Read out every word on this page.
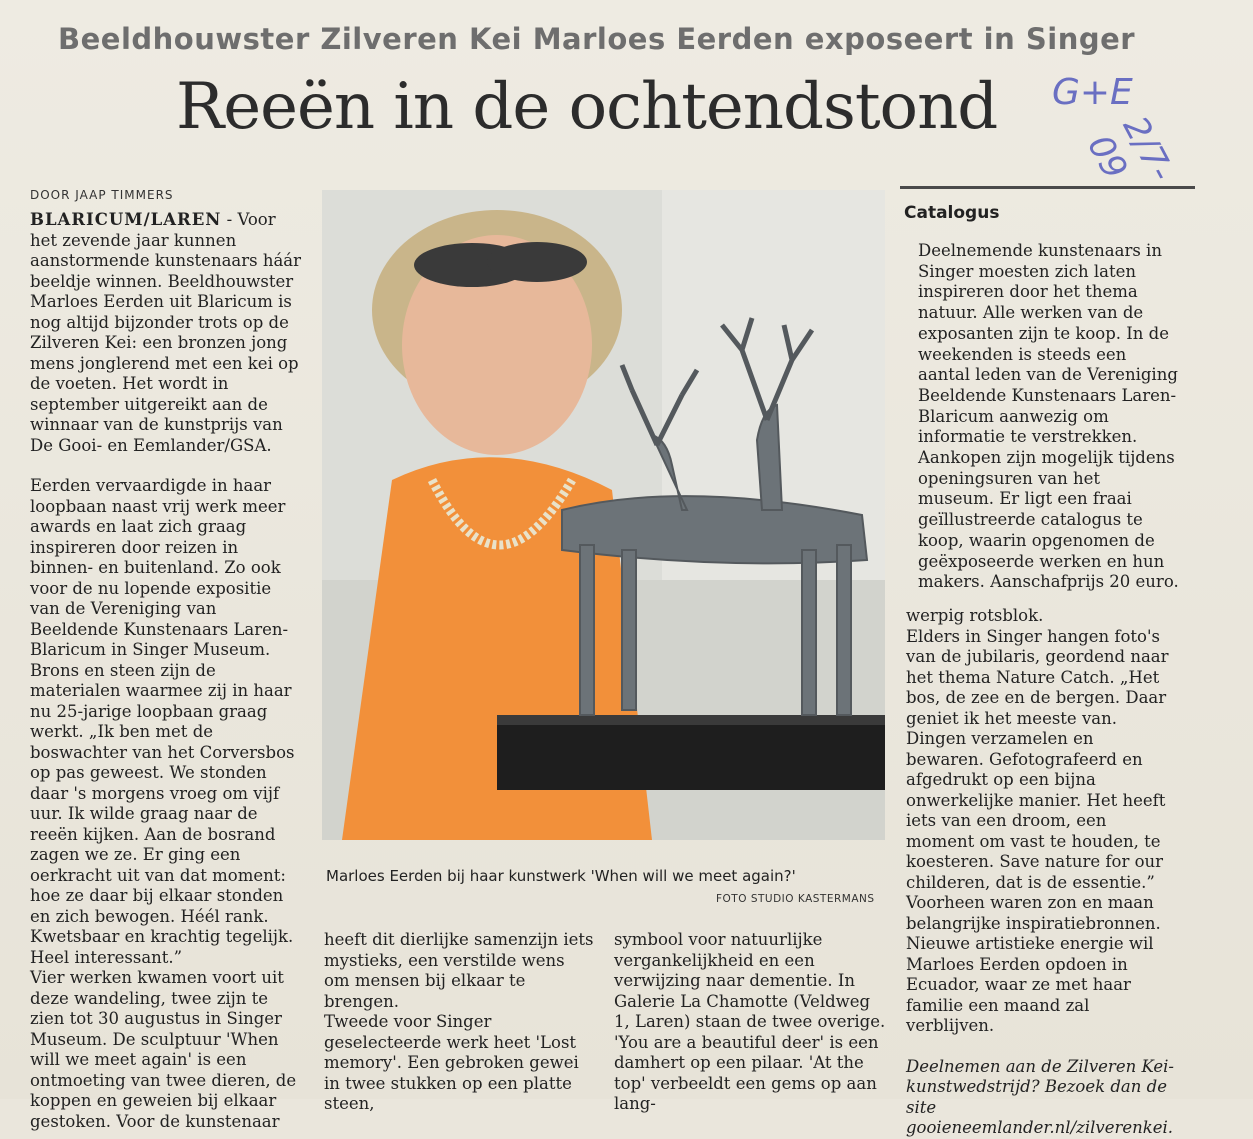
Beeldhouwster Zilveren Kei Marloes Eerden exposeert in Singer
Reeën in de ochtendstond	G+E
2/7-09
DOOR JAAP TIMMERS

BLARICUM/LAREN - Voor het zevende jaar kunnen aanstormende kunstenaars háár beeldje winnen. Beeldhouwster Marloes Eerden uit Blaricum is nog altijd bijzonder trots op de Zilveren Kei: een bronzen jong mens jonglerend met een kei op de voeten. Het wordt in september uitgereikt aan de winnaar van de kunstprijs van De Gooi- en Eemlander/GSA.

Eerden vervaardigde in haar loopbaan naast vrij werk meer awards en laat zich graag inspireren door reizen in binnen- en buitenland. Zo ook voor de nu lopende expositie van de Vereniging van Beeldende Kunstenaars Laren-Blaricum in Singer Museum.

Brons en steen zijn de materialen waarmee zij in haar nu 25-jarige loopbaan graag werkt. „Ik ben met de boswachter van het Corversbos op pas geweest. We stonden daar 's morgens vroeg om vijf uur. Ik wilde graag naar de reeën kijken. Aan de bosrand zagen we ze. Er ging een oerkracht uit van dat moment: hoe ze daar bij elkaar stonden en zich bewogen. Héél rank. Kwetsbaar en krachtig tegelijk. Heel interessant.”

Vier werken kwamen voort uit deze wandeling, twee zijn te zien tot 30 augustus in Singer Museum. De sculptuur 'When will we meet again' is een ontmoeting van twee dieren, de koppen en geweien bij elkaar gestoken. Voor de kunstenaar

Marloes Eerden bij haar kunstwerk 'When will we meet again?'
FOTO STUDIO KASTERMANS
Catalogus
Deelnemende kunstenaars in Singer moesten zich laten inspireren door het thema natuur. Alle werken van de exposanten zijn te koop. In de weekenden is steeds een aantal leden van de Vereniging Beeldende Kunstenaars Laren-Blaricum aanwezig om informatie te verstrekken. Aankopen zijn mogelijk tijdens openingsuren van het museum. Er ligt een fraai geïllustreerde catalogus te koop, waarin opgenomen de geëxposeerde werken en hun makers. Aanschafprijs 20 euro.

heeft dit dierlijke samenzijn iets mystieks, een verstilde wens om mensen bij elkaar te brengen.

Tweede voor Singer geselecteerde werk heet 'Lost memory'. Een gebroken gewei in twee stukken op een platte steen,

symbool voor natuurlijke vergankelijkheid en een verwijzing naar dementie. In Galerie La Chamotte (Veldweg 1, Laren) staan de twee overige. 'You are a beautiful deer' is een damhert op een pilaar. 'At the top' verbeeldt een gems op aan lang-

werpig rotsblok.

Elders in Singer hangen foto's van de jubilaris, geordend naar het thema Nature Catch. „Het bos, de zee en de bergen. Daar geniet ik het meeste van. Dingen verzamelen en bewaren. Gefotografeerd en afgedrukt op een bijna onwerkelijke manier. Het heeft iets van een droom, een moment om vast te houden, te koesteren. Save nature for our childeren, dat is de essentie.” Voorheen waren zon en maan belangrijke inspiratiebronnen. Nieuwe artistieke energie wil Marloes Eerden opdoen in Ecuador, waar ze met haar familie een maand zal verblijven.

Deelnemen aan de Zilveren Kei-kunstwedstrijd? Bezoek dan de site gooieneemlander.nl/zilverenkei.
